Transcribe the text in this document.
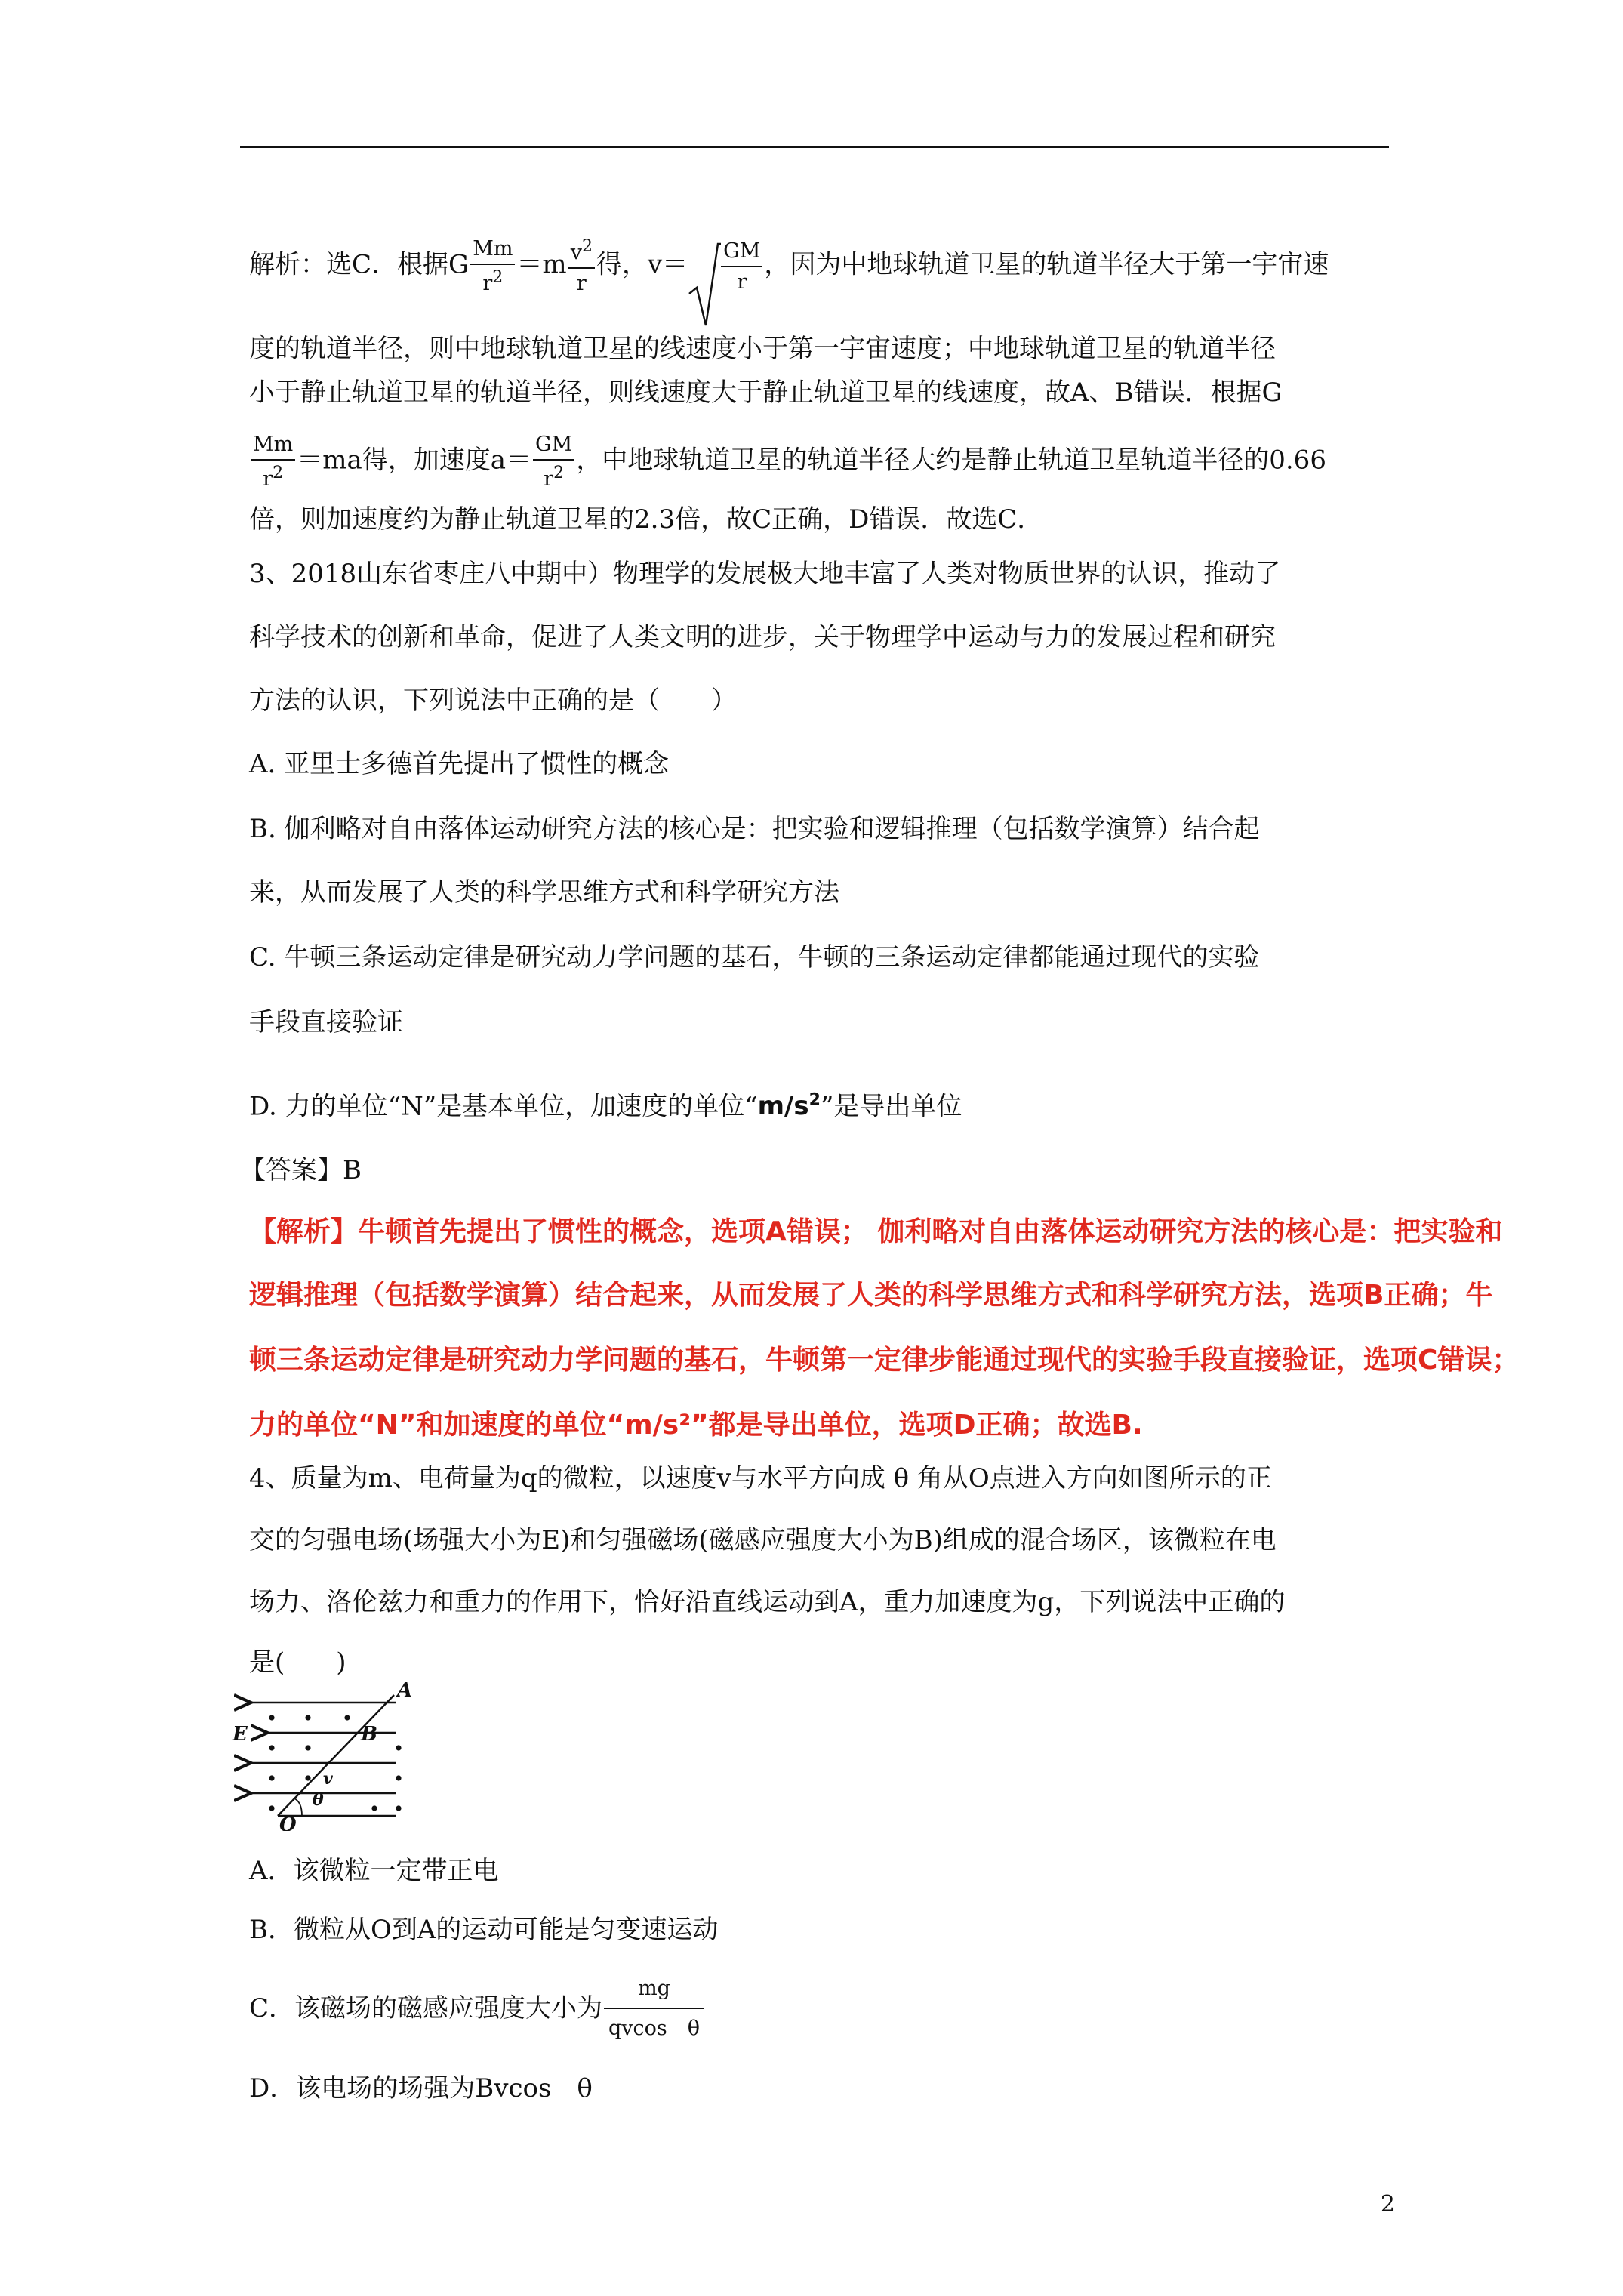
解析：选C．根据G $\frac{Mm}{r^2} =m \frac{v^2}{r}$ 得，$v= \frac{GM}{r}$ ，因为中地球轨道卫星的轨道半径大于第一宇宙速
度的轨道半径，则中地球轨道卫星的线速度小于第一宇宙速度；中地球轨道卫星的轨道半径
小于静止轨道卫星的轨道半径，则线速度大于静止轨道卫星的线速度，故A、B错误．根据G
$\frac{Mm}{r^2} =ma$得，加速度$a= \frac{GM}{r^2}$ ，中地球轨道卫星的轨道半径大约是静止轨道卫星轨道半径的0.66
倍，则加速度约为静止轨道卫星的2.3倍，故C正确，D错误．故选C．
3、2018山东省枣庄八中期中）物理学的发展极大地丰富了人类对物质世界的认识，推动了
科学技术的创新和革命，促进了人类文明的进步，关于物理学中运动与力的发展过程和研究
方法的认识，下列说法中正确的是（　　）
A. 亚里士多德首先提出了惯性的概念
B. 伽利略对自由落体运动研究方法的核心是：把实验和逻辑推理（包括数学演算）结合起
来，从而发展了人类的科学思维方式和科学研究方法
C. 牛顿三条运动定律是研究动力学问题的基石，牛顿的三条运动定律都能通过现代的实验
手段直接验证
D. 力的单位“N”是基本单位，加速度的单位“$m/s^2$”是导出单位
【答案】B
【解析】牛顿首先提出了惯性的概念，选项A错误； 伽利略对自由落体运动研究方法的核心是：把实验和
逻辑推理（包括数学演算）结合起来，从而发展了人类的科学思维方式和科学研究方法，选项B正确；牛
顿三条运动定律是研究动力学问题的基石，牛顿第一定律步能通过现代的实验手段直接验证，选项C错误；
力的单位“N”和加速度的单位“m/s²”都是导出单位，选项D正确；故选B.
4、质量为m、电荷量为q的微粒，以速度v与水平方向成 θ 角从O点进入方向如图所示的正
交的匀强电场(场强大小为E)和匀强磁场(磁感应强度大小为B)组成的混合场区，该微粒在电
场力、洛伦兹力和重力的作用下，恰好沿直线运动到A，重力加速度为g，下列说法中正确的
是(　　)
A
E	B
v
θ
O
A．该微粒一定带正电
B．微粒从O到A的运动可能是匀变速运动
C．该磁场的磁感应强度大小为 $\frac{mg}{\text{qvcos　θ}}$
D．该电场的场强为Bvcos　θ
2
